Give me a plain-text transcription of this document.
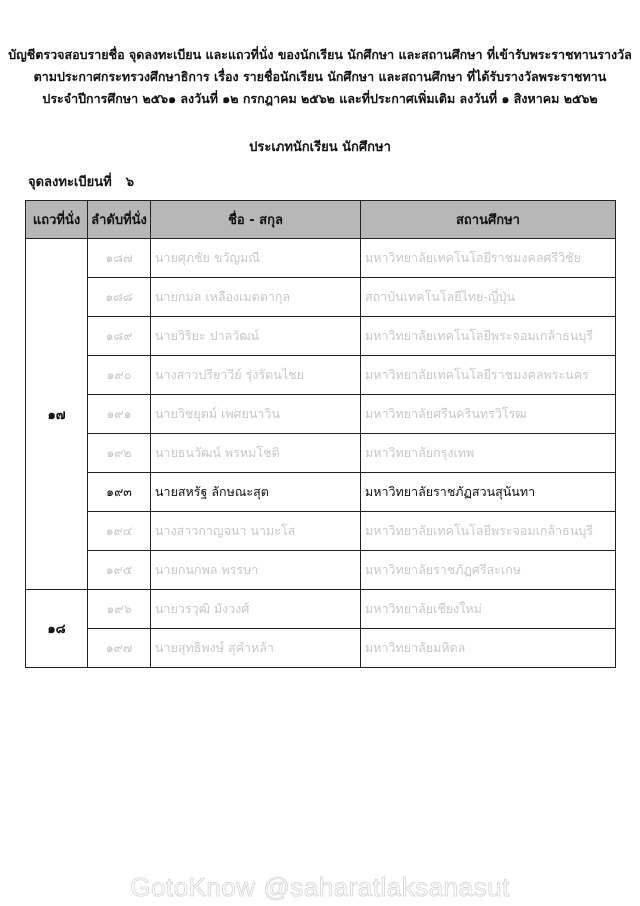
บัญชีตรวจสอบรายชื่อ จุดลงทะเบียน และแถวที่นั่ง ของนักเรียน นักศึกษา และสถานศึกษา ที่เข้ารับพระราชทานรางวัล

ตามประกาศกระทรวงศึกษาธิการ เรื่อง รายชื่อนักเรียน นักศึกษา และสถานศึกษา ที่ได้รับรางวัลพระราชทาน

ประจำปีการศึกษา ๒๕๖๑ ลงวันที่ ๑๒ กรกฎาคม ๒๕๖๒ และที่ประกาศเพิ่มเติม ลงวันที่ ๑ สิงหาคม ๒๕๖๒

ประเภทนักเรียน นักศึกษา

จุดลงทะเบียนที่ ๖

แถวที่นั่ง	ลำดับที่นั่ง	ชื่อ - สกุล	สถานศึกษา
๑๗	๑๘๗	นายศุภชัย ขวัญมณี	มหาวิทยาลัยเทคโนโลยีราชมงคลศรีวิชัย
	๑๘๘	นายกมล เหลืองเมตตากุล	สถาบันเทคโนโลยีไทย-ญี่ปุ่น
	๑๘๙	นายวิริยะ ปาลวัฒน์	มหาวิทยาลัยเทคโนโลยีพระจอมเกล้าธนบุรี
	๑๙๐	นางสาวปรียาวีย์ รุ่งรัตนไชย	มหาวิทยาลัยเทคโนโลยีราชมงคลพระนคร
	๑๙๑	นายวิชยุตม์ เพศยนาวิน	มหาวิทยาลัยศรีนครินทรวิโรฒ
	๑๙๒	นายธนวัฒน์ พรหมโชติ	มหาวิทยาลัยกรุงเทพ
	๑๙๓	นายสหรัฐ ลักษณะสุต	มหาวิทยาลัยราชภัฏสวนสุนันทา
	๑๙๔	นางสาวกาญจนา นามะโส	มหาวิทยาลัยเทคโนโลยีพระจอมเกล้าธนบุรี
	๑๙๕	นายกนกพล พรรษา	มหาวิทยาลัยราชภัฏศรีสะเกษ
๑๘	๑๙๖	นายวรวุฒิ มังวงศ์	มหาวิทยาลัยเชียงใหม่
	๑๙๗	นายสุทธิพงษ์ สุคำหล้า	มหาวิทยาลัยมหิดล
GotoKnow @saharatlaksanasut
